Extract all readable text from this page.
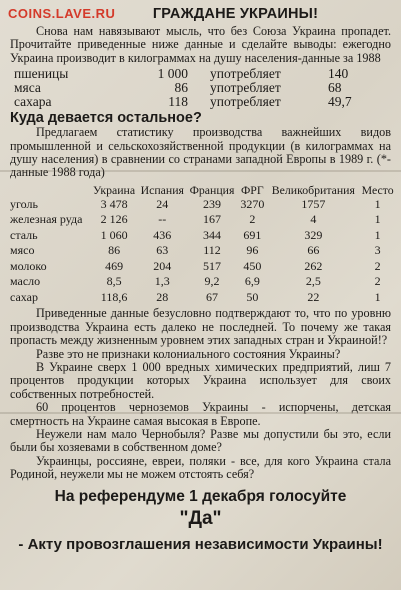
COINS.LAVE.RU	ГРАЖДАНЕ УКРАИНЫ!

Снова нам навязывают мысль, что без Союза Украина пропадет. Прочитайте приведенные ниже данные и сделайте выводы: ежегодно Украина производит в килограммах на душу населения-данные за 1988

пшеницы	1 000	употребляет	140
мяса	86	употребляет	68
сахара	118	употребляет	49,7
Куда девается остальное?

Предлагаем статистику производства важнейших видов промышленной и сельскохозяйственной продукции (в килограммах на душу населения) в сравнении со странами западной Европы в 1989 г. (*-данные 1988 года)

	Украина	Испания	Франция	ФРГ	Великобритания	Место
уголь	3 478	24	239	3270	1757	1
железная руда	2 126	--	167	2	4	1
сталь	1 060	436	344	691	329	1
мясо	86	63	112	96	66	3
молоко	469	204	517	450	262	2
масло	8,5	1,3	9,2	6,9	2,5	2
сахар	118,6	28	67	50	22	1

Приведенные данные безусловно подтверждают то, что по уровню производства Украина есть далеко не последней. То почему же такая пропасть между жизненным уровнем этих западных стран и Украиной!?

Разве это не признаки колониального состояния Украины?

В Украине сверх 1 000 вредных химических предприятий, лиш 7 процентов продукции которых Украина использует для своих собственных потребностей.

60 процентов черноземов Украины - испорчены, детская смертность на Украине самая высокая в Европе.

Неужели нам мало Чернобыля? Разве мы допустили бы это, если были бы хозяевами в собственном доме?

Украинцы, россияне, евреи, поляки - все, для кого Украина стала Родиной, неужели мы не можем отстоять себя?

На референдуме 1 декабря голосуйте
"Да"
- Акту провозглашения независимости Украины!
